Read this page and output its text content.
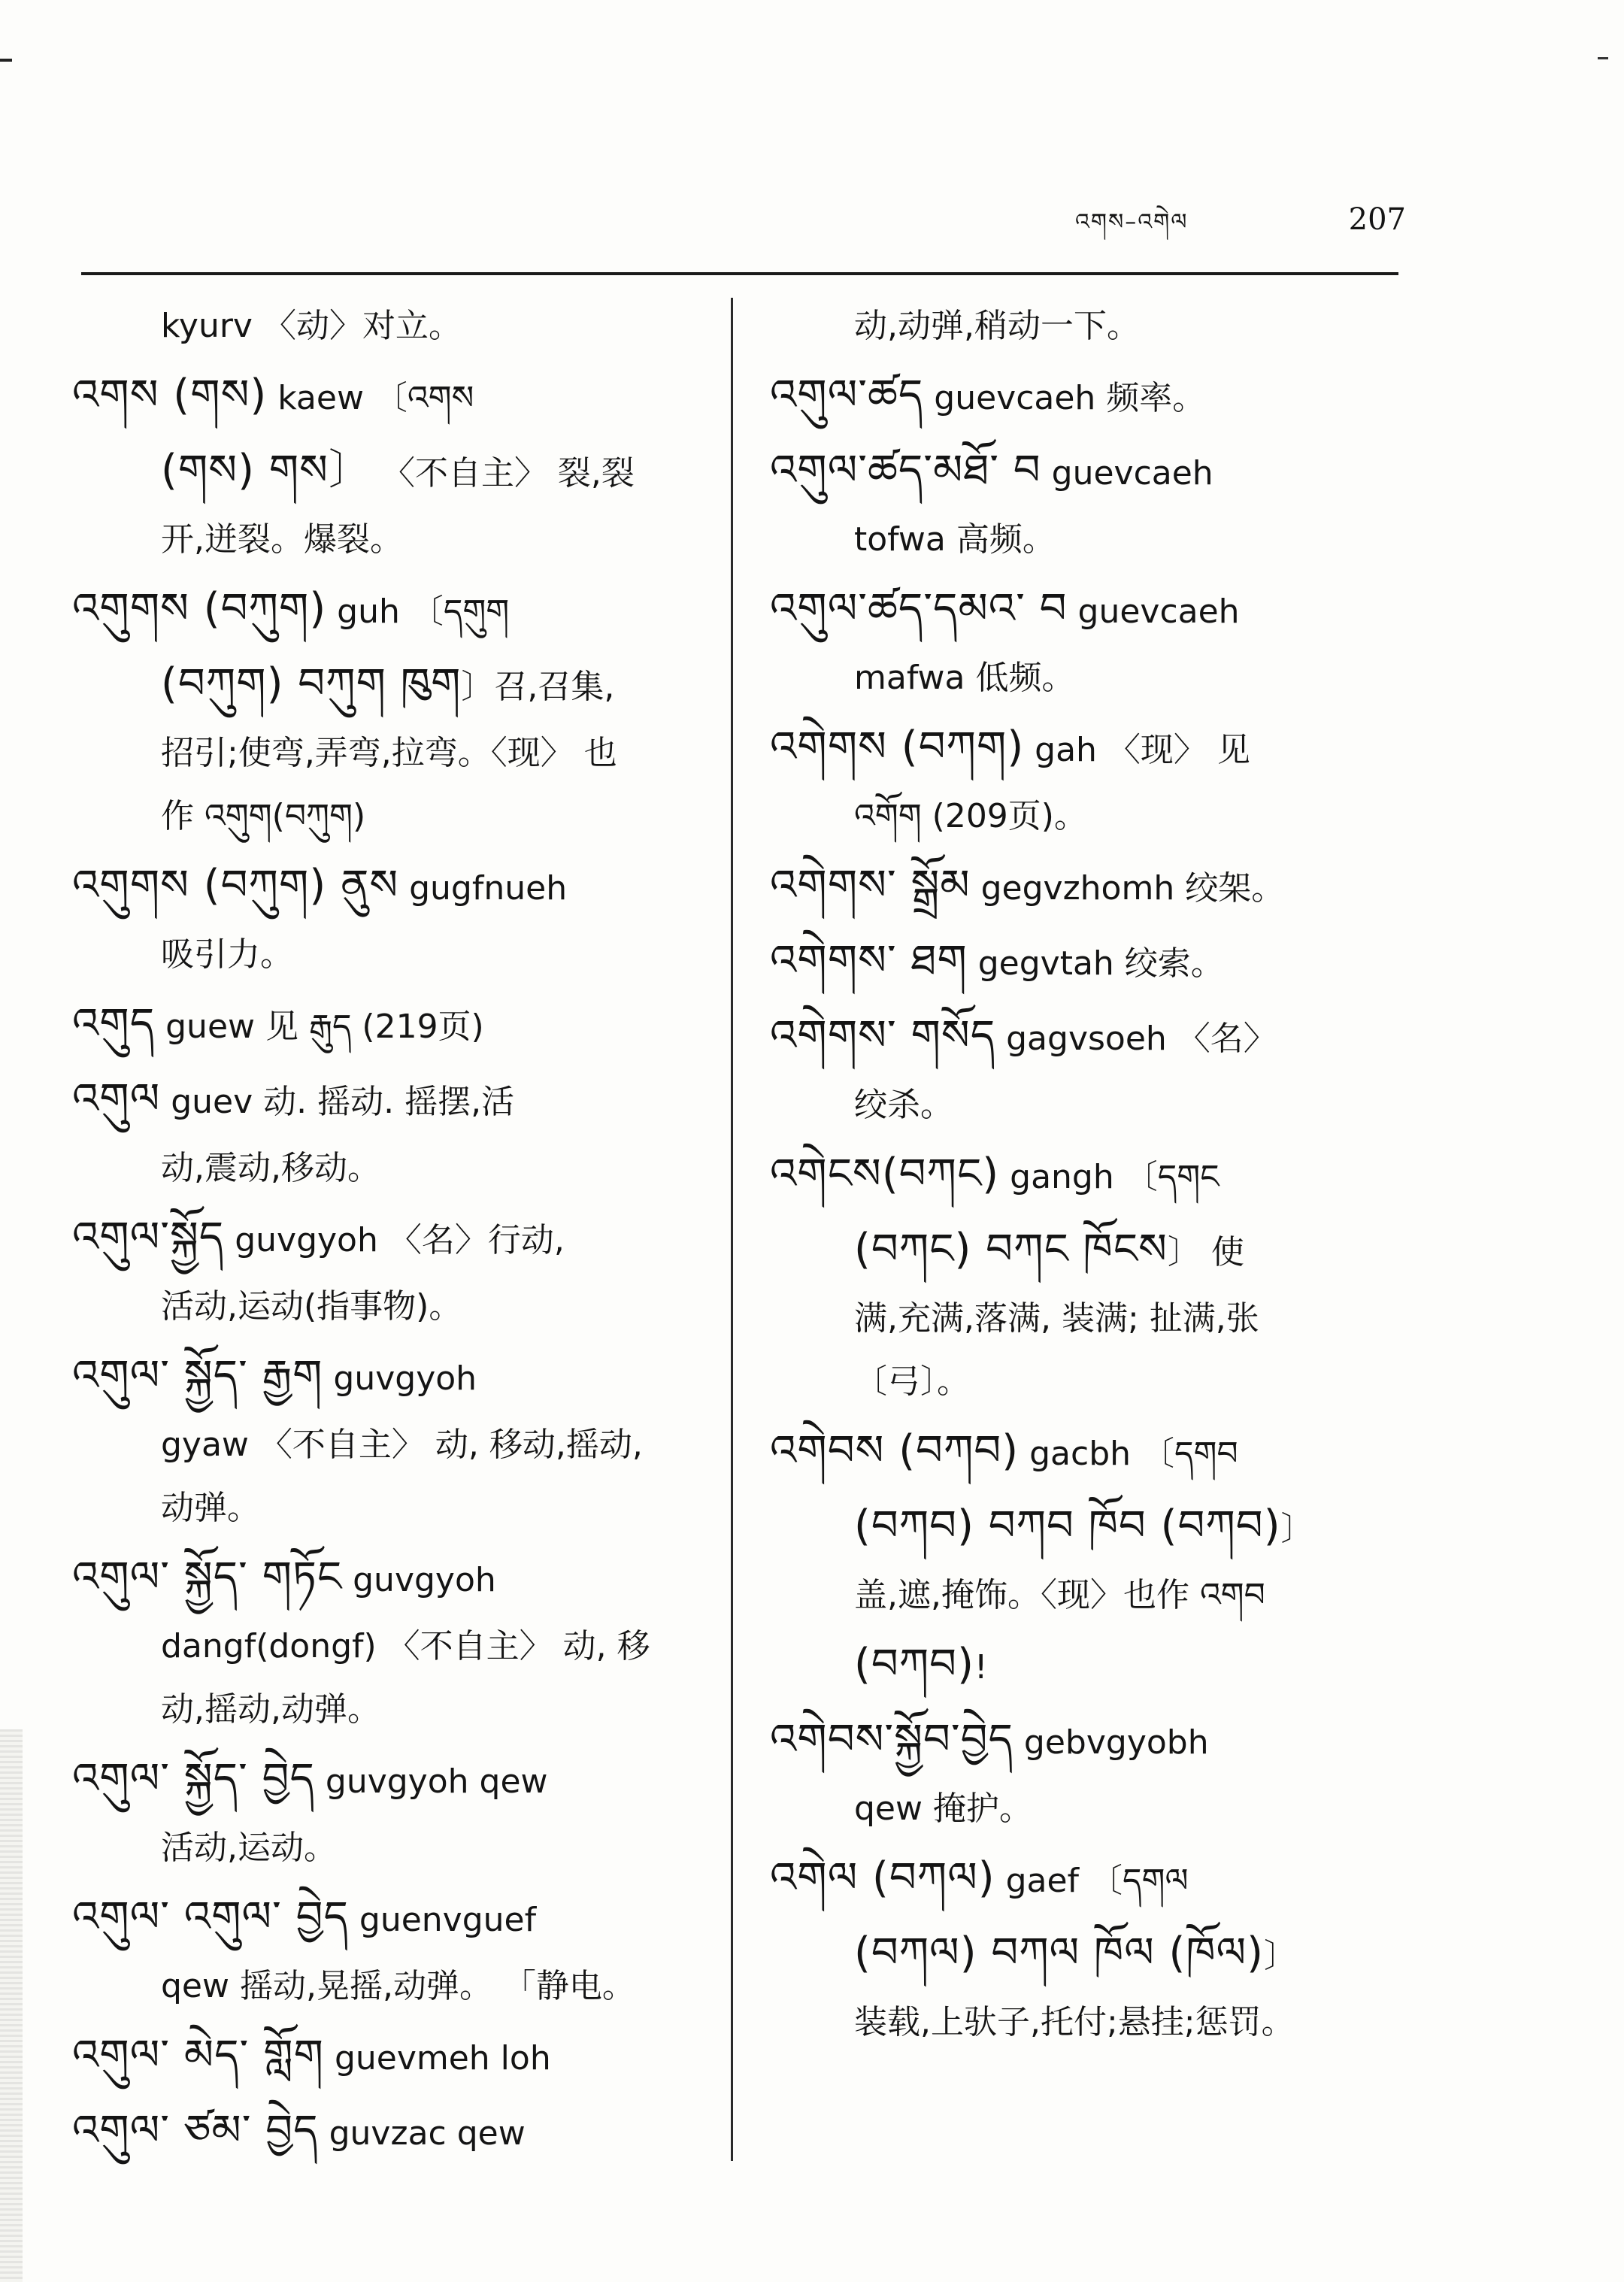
འགས–འགེལ	207
kyurv 〈动〉对立。
འགས (གས) kaew 〔འགས
(གས) གས〕 〈不自主〉 裂,裂
开,迸裂。爆裂。
འགུགས (བཀུག) guh 〔དགུག
(བཀུག) བཀུག ཁུག〕召,召集,
招引;使弯,弄弯,拉弯。〈现〉 也
作 འགུག(བཀུག)
འགུགས (བཀུག) ནུས gugfnueh
吸引力。
འགུད guew 见 རྒུད (219页)
འགུལ guev 动. 摇动. 摇摆,活
动,震动,移动。
འགུལ་སྐྱོད guvgyoh 〈名〉行动,
活动,运动(指事物)。
འགུལ་ སྐྱོད་ རྒྱག guvgyoh
gyaw 〈不自主〉 动, 移动,摇动,
动弹。
འགུལ་ སྐྱོད་ གཏོང guvgyoh
dangf(dongf) 〈不自主〉 动, 移
动,摇动,动弹。
འགུལ་ སྐྱོད་ བྱེད guvgyoh qew
活动,运动。
འགུལ་ འགུལ་ བྱེད guenvguef
qew 摇动,晃摇,动弹。 「静电。
འགུལ་ མེད་ གློག guevmeh loh
འགུལ་ ཙམ་ བྱེད guvzac qew
动,动弹,稍动一下。
འགུལ་ཚད guevcaeh 频率。
འགུལ་ཚད་མཐོ་ བ guevcaeh
tofwa 高频。
འགུལ་ཚད་དམའ་ བ guevcaeh
mafwa 低频。
འགེགས (བཀག) gah 〈现〉 见
འགོག (209页)。
འགེགས་ སྒྲོམ gegvzhomh 绞架。
འགེགས་ ཐག gegvtah 绞索。
འགེགས་ གསོད gagvsoeh 〈名〉
绞杀。
འགེངས(བཀང) gangh 〔དགང
(བཀང) བཀང ཁོངས〕 使
满,充满,落满, 装满; 扯满,张
〔弓〕。
འགེབས (བཀབ) gacbh 〔དགབ
(བཀབ) བཀབ ཁོབ (བཀབ)〕
盖,遮,掩饰。〈现〉也作 འགབ
(བཀབ)!
འགེབས་སྐྱོབ་བྱེད gebvgyobh
qew 掩护。
འགེལ (བཀལ) gaef 〔དགལ
(བཀལ) བཀལ ཁོལ (ཁོལ)〕
装载,上驮子,托付;悬挂;惩罚。
